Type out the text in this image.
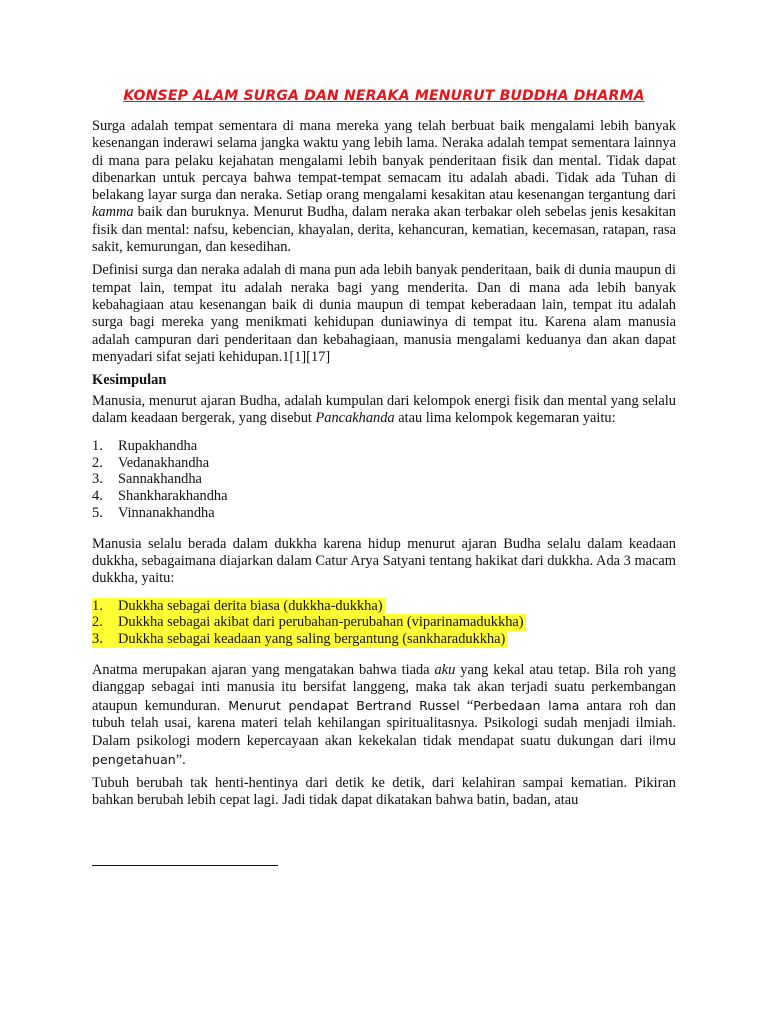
KONSEP ALAM SURGA DAN NERAKA MENURUT BUDDHA DHARMA

Surga adalah tempat sementara di mana mereka yang telah berbuat baik mengalami lebih banyak kesenangan inderawi selama jangka waktu yang lebih lama. Neraka adalah tempat sementara lainnya di mana para pelaku kejahatan mengalami lebih banyak penderitaan fisik dan mental. Tidak dapat dibenarkan untuk percaya bahwa tempat-tempat semacam itu adalah abadi. Tidak ada Tuhan di belakang layar surga dan neraka. Setiap orang mengalami kesakitan atau kesenangan tergantung dari kamma baik dan buruknya. Menurut Budha, dalam neraka akan terbakar oleh sebelas jenis kesakitan fisik dan mental: nafsu, kebencian, khayalan, derita, kehancuran, kematian, kecemasan, ratapan, rasa sakit, kemurungan, dan kesedihan.

Definisi surga dan neraka adalah di mana pun ada lebih banyak penderitaan, baik di dunia maupun di tempat lain, tempat itu adalah neraka bagi yang menderita. Dan di mana ada lebih banyak kebahagiaan atau kesenangan baik di dunia maupun di tempat keberadaan lain, tempat itu adalah surga bagi mereka yang menikmati kehidupan duniawinya di tempat itu. Karena alam manusia adalah campuran dari penderitaan dan kebahagiaan, manusia mengalami keduanya dan akan dapat menyadari sifat sejati kehidupan.1[1][17]

Kesimpulan

Manusia, menurut ajaran Budha, adalah kumpulan dari kelompok energi fisik dan mental yang selalu dalam keadaan bergerak, yang disebut Pancakhanda atau lima kelompok kegemaran yaitu:

1.	Rupakhandha
2.	Vedanakhandha
3.	Sannakhandha
4.	Shankharakhandha
5.	Vinnanakhandha

Manusia selalu berada dalam dukkha karena hidup menurut ajaran Budha selalu dalam keadaan dukkha, sebagaimana diajarkan dalam Catur Arya Satyani tentang hakikat dari dukkha. Ada 3 macam dukkha, yaitu:

1.	Dukkha sebagai derita biasa (dukkha-dukkha)
2.	Dukkha sebagai akibat dari perubahan-perubahan (viparinamadukkha)
3.	Dukkha sebagai keadaan yang saling bergantung (sankharadukkha)

Anatma merupakan ajaran yang mengatakan bahwa tiada aku yang kekal atau tetap. Bila roh yang dianggap sebagai inti manusia itu bersifat langgeng, maka tak akan terjadi suatu perkembangan ataupun kemunduran. Menurut pendapat Bertrand Russel “Perbedaan lama antara roh dan tubuh telah usai, karena materi telah kehilangan spiritualitasnya. Psikologi sudah menjadi ilmiah. Dalam psikologi modern kepercayaan akan kekekalan tidak mendapat suatu dukungan dari ilmu pengetahuan”.

Tubuh berubah tak henti-hentinya dari detik ke detik, dari kelahiran sampai kematian. Pikiran bahkan berubah lebih cepat lagi. Jadi tidak dapat dikatakan bahwa batin, badan, atau
